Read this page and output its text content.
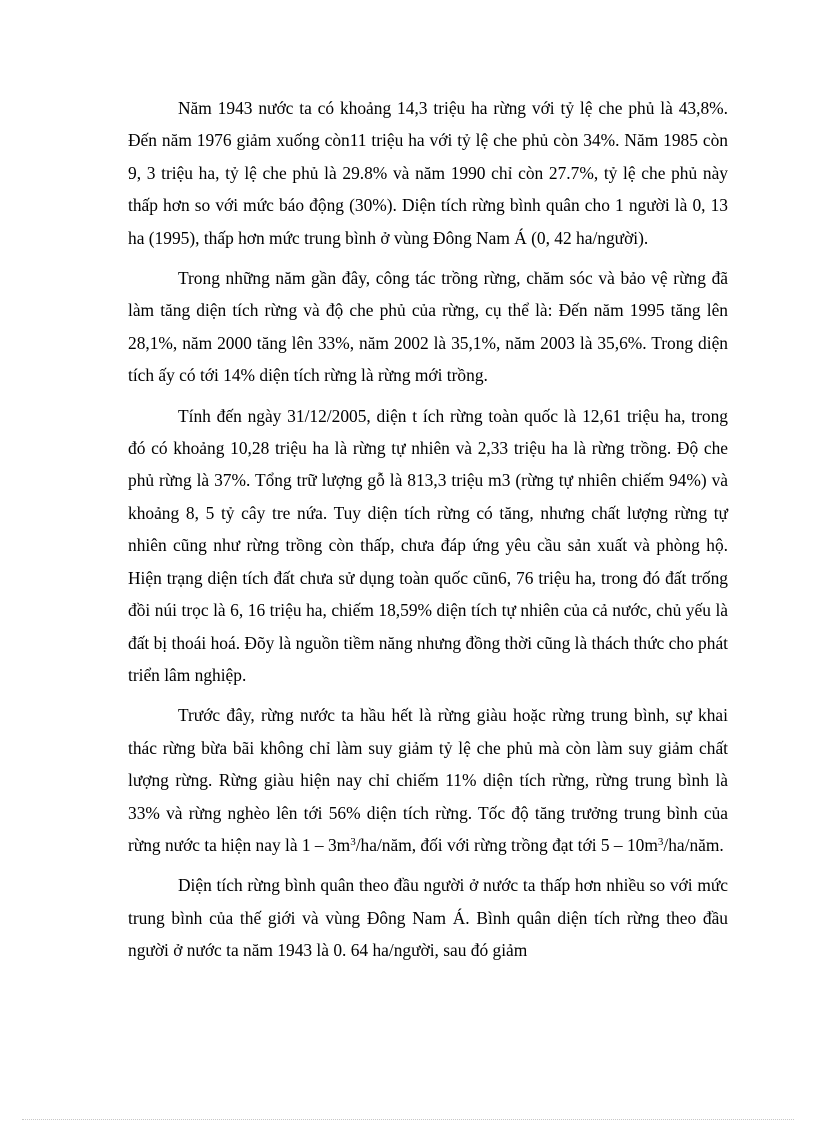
Năm 1943 nước ta có khoảng 14,3 triệu ha rừng với tỷ lệ che phủ là 43,8%. Đến năm 1976 giảm xuống còn11 triệu ha với tỷ lệ che phủ còn 34%. Năm 1985 còn 9, 3 triệu ha, tỷ lệ che phủ là 29.8% và năm 1990 chỉ còn 27.7%, tỷ lệ che phủ này thấp hơn so với mức báo động (30%). Diện tích rừng bình quân cho 1 người là 0, 13 ha (1995), thấp hơn mức trung bình ở vùng Đông Nam Á (0, 42 ha/người).

Trong những năm gần đây, công tác trồng rừng, chăm sóc và bảo vệ rừng đã làm tăng diện tích rừng và độ che phủ của rừng, cụ thể là: Đến năm 1995 tăng lên 28,1%, năm 2000 tăng lên 33%, năm 2002 là 35,1%, năm 2003 là 35,6%. Trong diện tích ấy có tới 14% diện tích rừng là rừng mới trồng.

Tính đến ngày 31/12/2005, diện t ích rừng toàn quốc là 12,61 triệu ha, trong đó có khoảng 10,28 triệu ha là rừng tự nhiên và 2,33 triệu ha là rừng trồng. Độ che phủ rừng là 37%. Tổng trữ lượng gỗ là 813,3 triệu m3 (rừng tự nhiên chiếm 94%) và khoảng 8, 5 tỷ cây tre nứa. Tuy diện tích rừng có tăng, nhưng chất lượng rừng tự nhiên cũng như rừng trồng còn thấp, chưa đáp ứng yêu cầu sản xuất và phòng hộ. Hiện trạng diện tích đất chưa sử dụng toàn quốc cũn6, 76 triệu ha, trong đó đất trống đồi núi trọc là 6, 16 triệu ha, chiếm 18,59% diện tích tự nhiên của cả nước, chủ yếu là đất bị thoái hoá. Đõy là nguồn tiềm năng nhưng đồng thời cũng là thách thức cho phát triển lâm nghiệp.

Trước đây, rừng nước ta hầu hết là rừng giàu hoặc rừng trung bình, sự khai thác rừng bừa bãi không chỉ làm suy giảm tỷ lệ che phủ mà còn làm suy giảm chất lượng rừng. Rừng giàu hiện nay chỉ chiếm 11% diện tích rừng, rừng trung bình là 33% và rừng nghèo lên tới 56% diện tích rừng. Tốc độ tăng trưởng trung bình của rừng nước ta hiện nay là $1 - 3m^3/ha$/năm, đối với rừng trồng đạt tới $5 - 10m^3/ha$/năm.

Diện tích rừng bình quân theo đầu người ở nước ta thấp hơn nhiều so với mức trung bình của thế giới và vùng Đông Nam Á. Bình quân diện tích rừng theo đầu người ở nước ta năm 1943 là 0. 64 ha/người, sau đó giảm
